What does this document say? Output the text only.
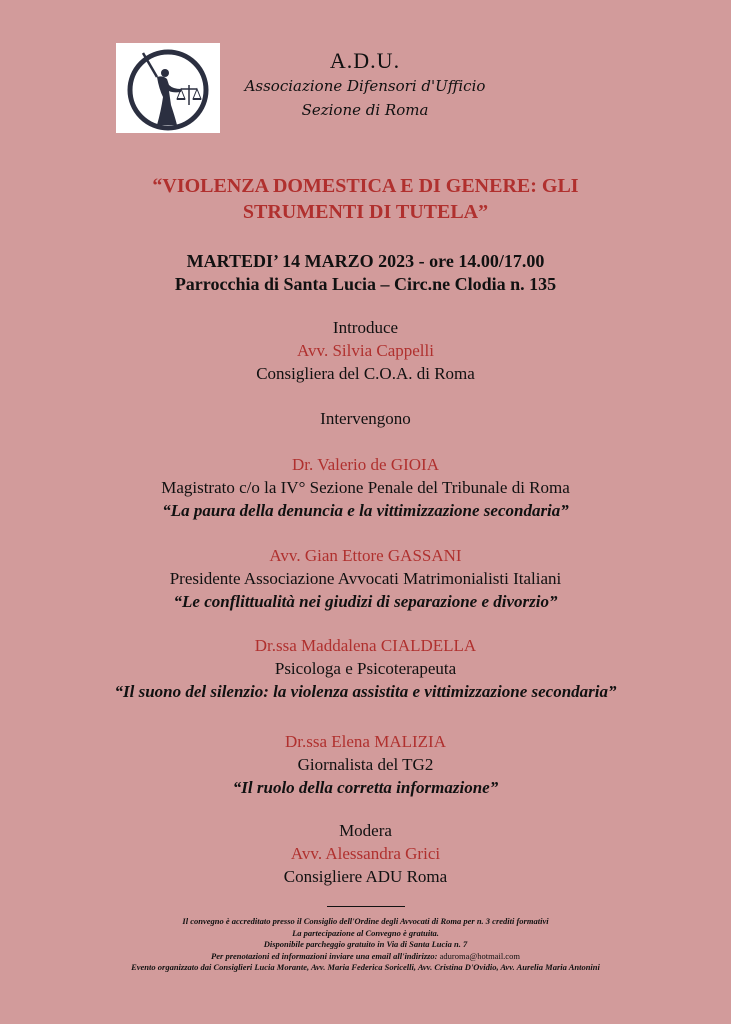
A.D.U.
Associazione Difensori d'Ufficio
Sezione di Roma
“VIOLENZA DOMESTICA E DI GENERE: GLI
STRUMENTI DI TUTELA”
MARTEDI’ 14 MARZO 2023 - ore 14.00/17.00
Parrocchia di Santa Lucia – Circ.ne Clodia n. 135
Introduce
Avv. Silvia Cappelli
Consigliera del C.O.A. di Roma
Intervengono
Dr. Valerio de GIOIA
Magistrato c/o la IV° Sezione Penale del Tribunale di Roma
“La paura della denuncia e la vittimizzazione secondaria”
Avv. Gian Ettore GASSANI
Presidente Associazione Avvocati Matrimonialisti Italiani
“Le conflittualità nei giudizi di separazione e divorzio”
Dr.ssa Maddalena CIALDELLA
Psicologa e Psicoterapeuta
“Il suono del silenzio: la violenza assistita e vittimizzazione secondaria”
Dr.ssa Elena MALIZIA
Giornalista del TG2
“Il ruolo della corretta informazione”
Modera
Avv. Alessandra Grici
Consigliere ADU Roma
Il convegno è accreditato presso il Consiglio dell'Ordine degli Avvocati di Roma per n. 3 crediti formativi
La partecipazione al Convegno è gratuita.
Disponibile parcheggio gratuito in Via di Santa Lucia n. 7
Per prenotazioni ed informazioni inviare una email all'indirizzo: aduroma@hotmail.com
Evento organizzato dai Consiglieri Lucia Morante, Avv. Maria Federica Soricelli, Avv. Cristina D'Ovidio, Avv. Aurelia Maria Antonini
